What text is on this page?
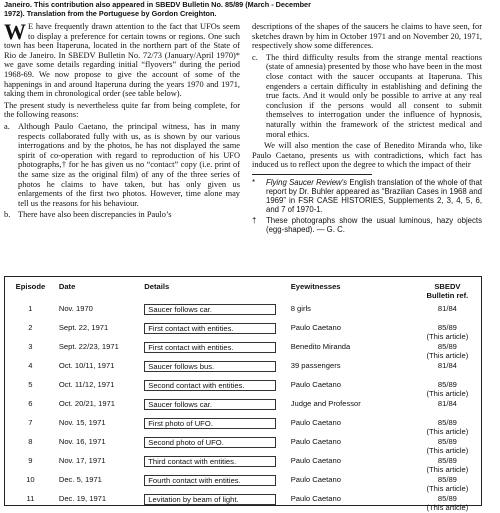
Janeiro. This contribution also appeared in SBEDV Bulletin No. 85/89 (March - December
1972). Translation from the Portuguese by Gordon Creighton.

W E have frequently drawn attention to the fact that UFOs seem to display a preference for certain towns or regions. One such town has been Itaperuna, located in the northern part of the State of Rio de Janeiro. In SBEDV Bulletin No. 72/73 (January/April 1970)* we gave some details regarding initial “flyovers” during the period 1968-69. We now propose to give the account of some of the happenings in and around Itaperuna during the years 1970 and 1971, taking them in chronological order (see table below).

The present study is nevertheless quite far from being complete, for the following reasons:

a. Although Paulo Caetano, the principal witness, has in many respects collaborated fully with us, as is shown by our various interrogations and by the photos, he has not displayed the same spirit of co-operation with regard to reproduction of his UFO photographs,† for he has given us no “contact” copy (i.e. print of the same size as the original film) of any of the three series of photos he claims to have taken, but has only given us enlargements of the first two photos. However, time alone may tell us the reasons for his behaviour.
b. There have also been discrepancies in Paulo’s

descriptions of the shapes of the saucers he claims to have seen, for sketches drawn by him in October 1971 and on November 20, 1971, respectively show some differences.

c. The third difficulty results from the strange mental reactions (state of amnesia) presented by those who have been in the most close contact with the saucer occupants at Itaperuna. This engenders a certain difficulty in establishing and defining the true facts. And it would only be possible to arrive at any real conclusion if the persons would all consent to submit themselves to interrogation under the influence of hypnosis, naturally within the framework of the strictest medical and moral ethics.

We will also mention the case of Benedito Miranda who, like Paulo Caetano, presents us with contradictions, which fact has induced us to reflect upon the degree to which the impact of their

* Flying Saucer Review's English translation of the whole of that report by Dr. Buhler appeared as “Brazilian Cases in 1968 and 1969” in FSR CASE HISTORIES, Supplements 2, 3, 4, 5, 6, and 7 of 1970-1.
† These photographs show the usual luminous, hazy objects (egg-shaped). — G. C.
Episode	Date	Details	Eyewitnesses	SBEDV
Bulletin ref.

1	Nov. 1970	Saucer follows car.	8 girls	81/84

2	Sept. 22, 1971	First contact with entities.	Paulo Caetano	85/89
(This article)

3	Sept. 22/23, 1971	First contact with entities.	Benedito Miranda	85/89
(This article)

4	Oct. 10/11, 1971	Saucer follows bus.	39 passengers	81/84

5	Oct. 11/12, 1971	Second contact with entities.	Paulo Caetano	85/89
(This article)

6	Oct. 20/21, 1971	Saucer follows car.	Judge and Professor	81/84

7	Nov. 15, 1971	First photo of UFO.	Paulo Caetano	85/89
(This article)

8	Nov. 16, 1971	Second photo of UFO.	Paulo Caetano	85/89
(This article)

9	Nov. 17, 1971	Third contact with entities.	Paulo Caetano	85/89
(This article)

10	Dec. 5, 1971	Fourth contact with entities.	Paulo Caetano	85/89
(This article)

11	Dec. 19, 1971	Levitation by beam of light.	Paulo Caetano	85/89
(This article)
